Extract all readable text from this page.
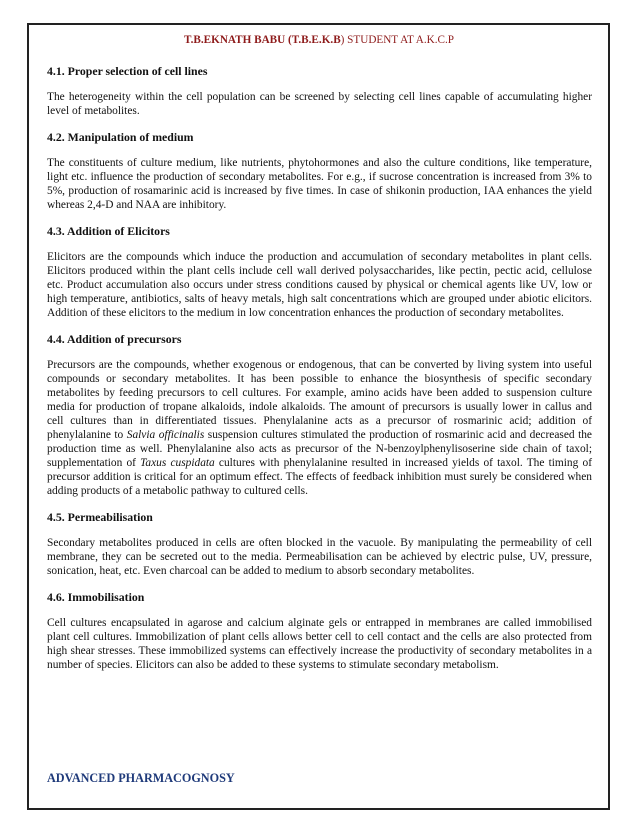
T.B.EKNATH BABU (T.B.E.K.B) STUDENT AT A.K.C.P
4.1. Proper selection of cell lines

The heterogeneity within the cell population can be screened by selecting cell lines capable of accumulating higher level of metabolites.

4.2. Manipulation of medium

The constituents of culture medium, like nutrients, phytohormones and also the culture conditions, like temperature, light etc. influence the production of secondary metabolites. For e.g., if sucrose concentration is increased from 3% to 5%, production of rosamarinic acid is increased by five times. In case of shikonin production, IAA enhances the yield whereas 2,4-D and NAA are inhibitory.

4.3. Addition of Elicitors

Elicitors are the compounds which induce the production and accumulation of secondary metabolites in plant cells. Elicitors produced within the plant cells include cell wall derived polysaccharides, like pectin, pectic acid, cellulose etc. Product accumulation also occurs under stress conditions caused by physical or chemical agents like UV, low or high temperature, antibiotics, salts of heavy metals, high salt concentrations which are grouped under abiotic elicitors. Addition of these elicitors to the medium in low concentration enhances the production of secondary metabolites.

4.4. Addition of precursors

Precursors are the compounds, whether exogenous or endogenous, that can be converted by living system into useful compounds or secondary metabolites. It has been possible to enhance the biosynthesis of specific secondary metabolites by feeding precursors to cell cultures. For example, amino acids have been added to suspension culture media for production of tropane alkaloids, indole alkaloids. The amount of precursors is usually lower in callus and cell cultures than in differentiated tissues. Phenylalanine acts as a precursor of rosmarinic acid; addition of phenylalanine to Salvia officinalis suspension cultures stimulated the production of rosmarinic acid and decreased the production time as well. Phenylalanine also acts as precursor of the N-benzoylphenylisoserine side chain of taxol; supplementation of Taxus cuspidata cultures with phenylalanine resulted in increased yields of taxol. The timing of precursor addition is critical for an optimum effect. The effects of feedback inhibition must surely be considered when adding products of a metabolic pathway to cultured cells.

4.5. Permeabilisation

Secondary metabolites produced in cells are often blocked in the vacuole. By manipulating the permeability of cell membrane, they can be secreted out to the media. Permeabilisation can be achieved by electric pulse, UV, pressure, sonication, heat, etc. Even charcoal can be added to medium to absorb secondary metabolites.

4.6. Immobilisation

Cell cultures encapsulated in agarose and calcium alginate gels or entrapped in membranes are called immobilised plant cell cultures. Immobilization of plant cells allows better cell to cell contact and the cells are also protected from high shear stresses. These immobilized systems can effectively increase the productivity of secondary metabolites in a number of species. Elicitors can also be added to these systems to stimulate secondary metabolism.

ADVANCED PHARMACOGNOSY
